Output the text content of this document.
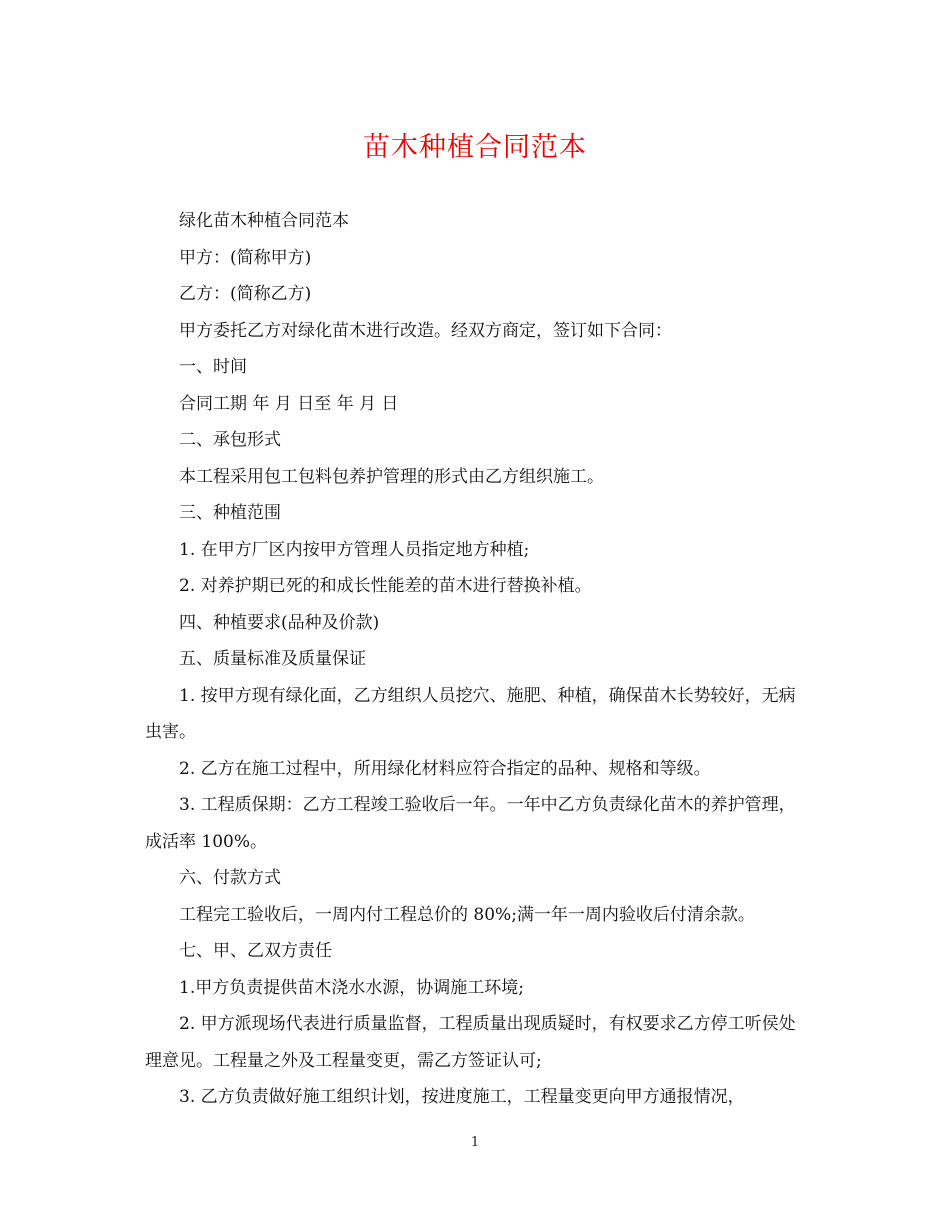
苗木种植合同范本

绿化苗木种植合同范本

甲方：(简称甲方)

乙方：(简称乙方)

甲方委托乙方对绿化苗木进行改造。经双方商定，签订如下合同：

一、时间

合同工期 年 月 日至 年 月 日

二、承包形式

本工程采用包工包料包养护管理的形式由乙方组织施工。

三、种植范围

1. 在甲方厂区内按甲方管理人员指定地方种植;

2. 对养护期已死的和成长性能差的苗木进行替换补植。

四、种植要求(品种及价款)

五、质量标准及质量保证

1. 按甲方现有绿化面，乙方组织人员挖穴、施肥、种植，确保苗木长势较好，无病虫害。

2. 乙方在施工过程中，所用绿化材料应符合指定的品种、规格和等级。

3. 工程质保期：乙方工程竣工验收后一年。一年中乙方负责绿化苗木的养护管理，成活率 100%。

六、付款方式

工程完工验收后，一周内付工程总价的 80%;满一年一周内验收后付清余款。

七、甲、乙双方责任

1.甲方负责提供苗木浇水水源，协调施工环境;

2. 甲方派现场代表进行质量监督，工程质量出现质疑时，有权要求乙方停工听侯处理意见。工程量之外及工程量变更，需乙方签证认可;

3. 乙方负责做好施工组织计划，按进度施工，工程量变更向甲方通报情况，

1
